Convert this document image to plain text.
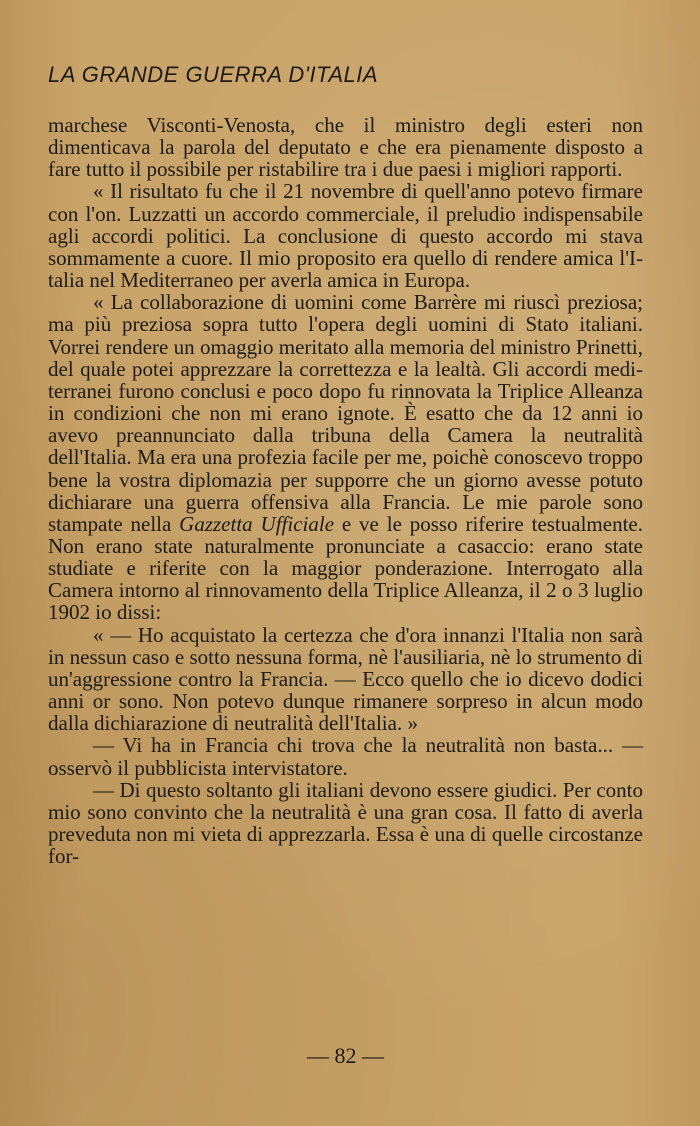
LA GRANDE GUERRA D'ITALIA

marchese Visconti-Venosta, che il ministro degli esteri non dimenticava la parola del deputato e che era pienamente disposto a fare tutto il possibile per ristabilire tra i due paesi i migliori rapporti.

« Il risultato fu che il 21 novembre di quell'anno potevo firmare con l'on. Luzzatti un accordo commerciale, il preludio indispensabile agli accordi politici. La conclusione di questo accordo mi stava sommamente a cuore. Il mio proposito era quello di rendere amica l'Italia nel Mediterraneo per averla amica in Europa.

« La collaborazione di uomini come Barrère mi riuscì preziosa; ma più preziosa sopra tutto l'opera degli uomini di Stato italiani. Vorrei rendere un omaggio meritato alla memoria del ministro Prinetti, del quale potei apprezzare la correttezza e la lealtà. Gli accordi mediterranei furono conclusi e poco dopo fu rinnovata la Triplice Alleanza in condizioni che non mi erano ignote. È esatto che da 12 anni io avevo preannunciato dalla tribuna della Camera la neutralità dell'Italia. Ma era una profezia facile per me, poichè conoscevo troppo bene la vostra diplomazia per supporre che un giorno avesse potuto dichiarare una guerra offensiva alla Francia. Le mie parole sono stampate nella Gazzetta Ufficiale e ve le posso riferire testualmente. Non erano state naturalmente pronunciate a casaccio: erano state studiate e riferite con la maggior ponderazione. Interrogato alla Camera intorno al rinnovamento della Triplice Alleanza, il 2 o 3 luglio 1902 io dissi:

« — Ho acquistato la certezza che d'ora innanzi l'Italia non sarà in nessun caso e sotto nessuna forma, nè l'ausiliaria, nè lo strumento di un'aggressione contro la Francia. — Ecco quello che io dicevo dodici anni or sono. Non potevo dunque rimanere sorpreso in alcun modo dalla dichiarazione di neutralità dell'Italia. »

— Vi ha in Francia chi trova che la neutralità non basta... — osservò il pubblicista intervistatore.

— Di questo soltanto gli italiani devono essere giudici. Per conto mio sono convinto che la neutralità è una gran cosa. Il fatto di averla preveduta non mi vieta di apprezzarla. Essa è una di quelle circostanze for-

— 82 —
